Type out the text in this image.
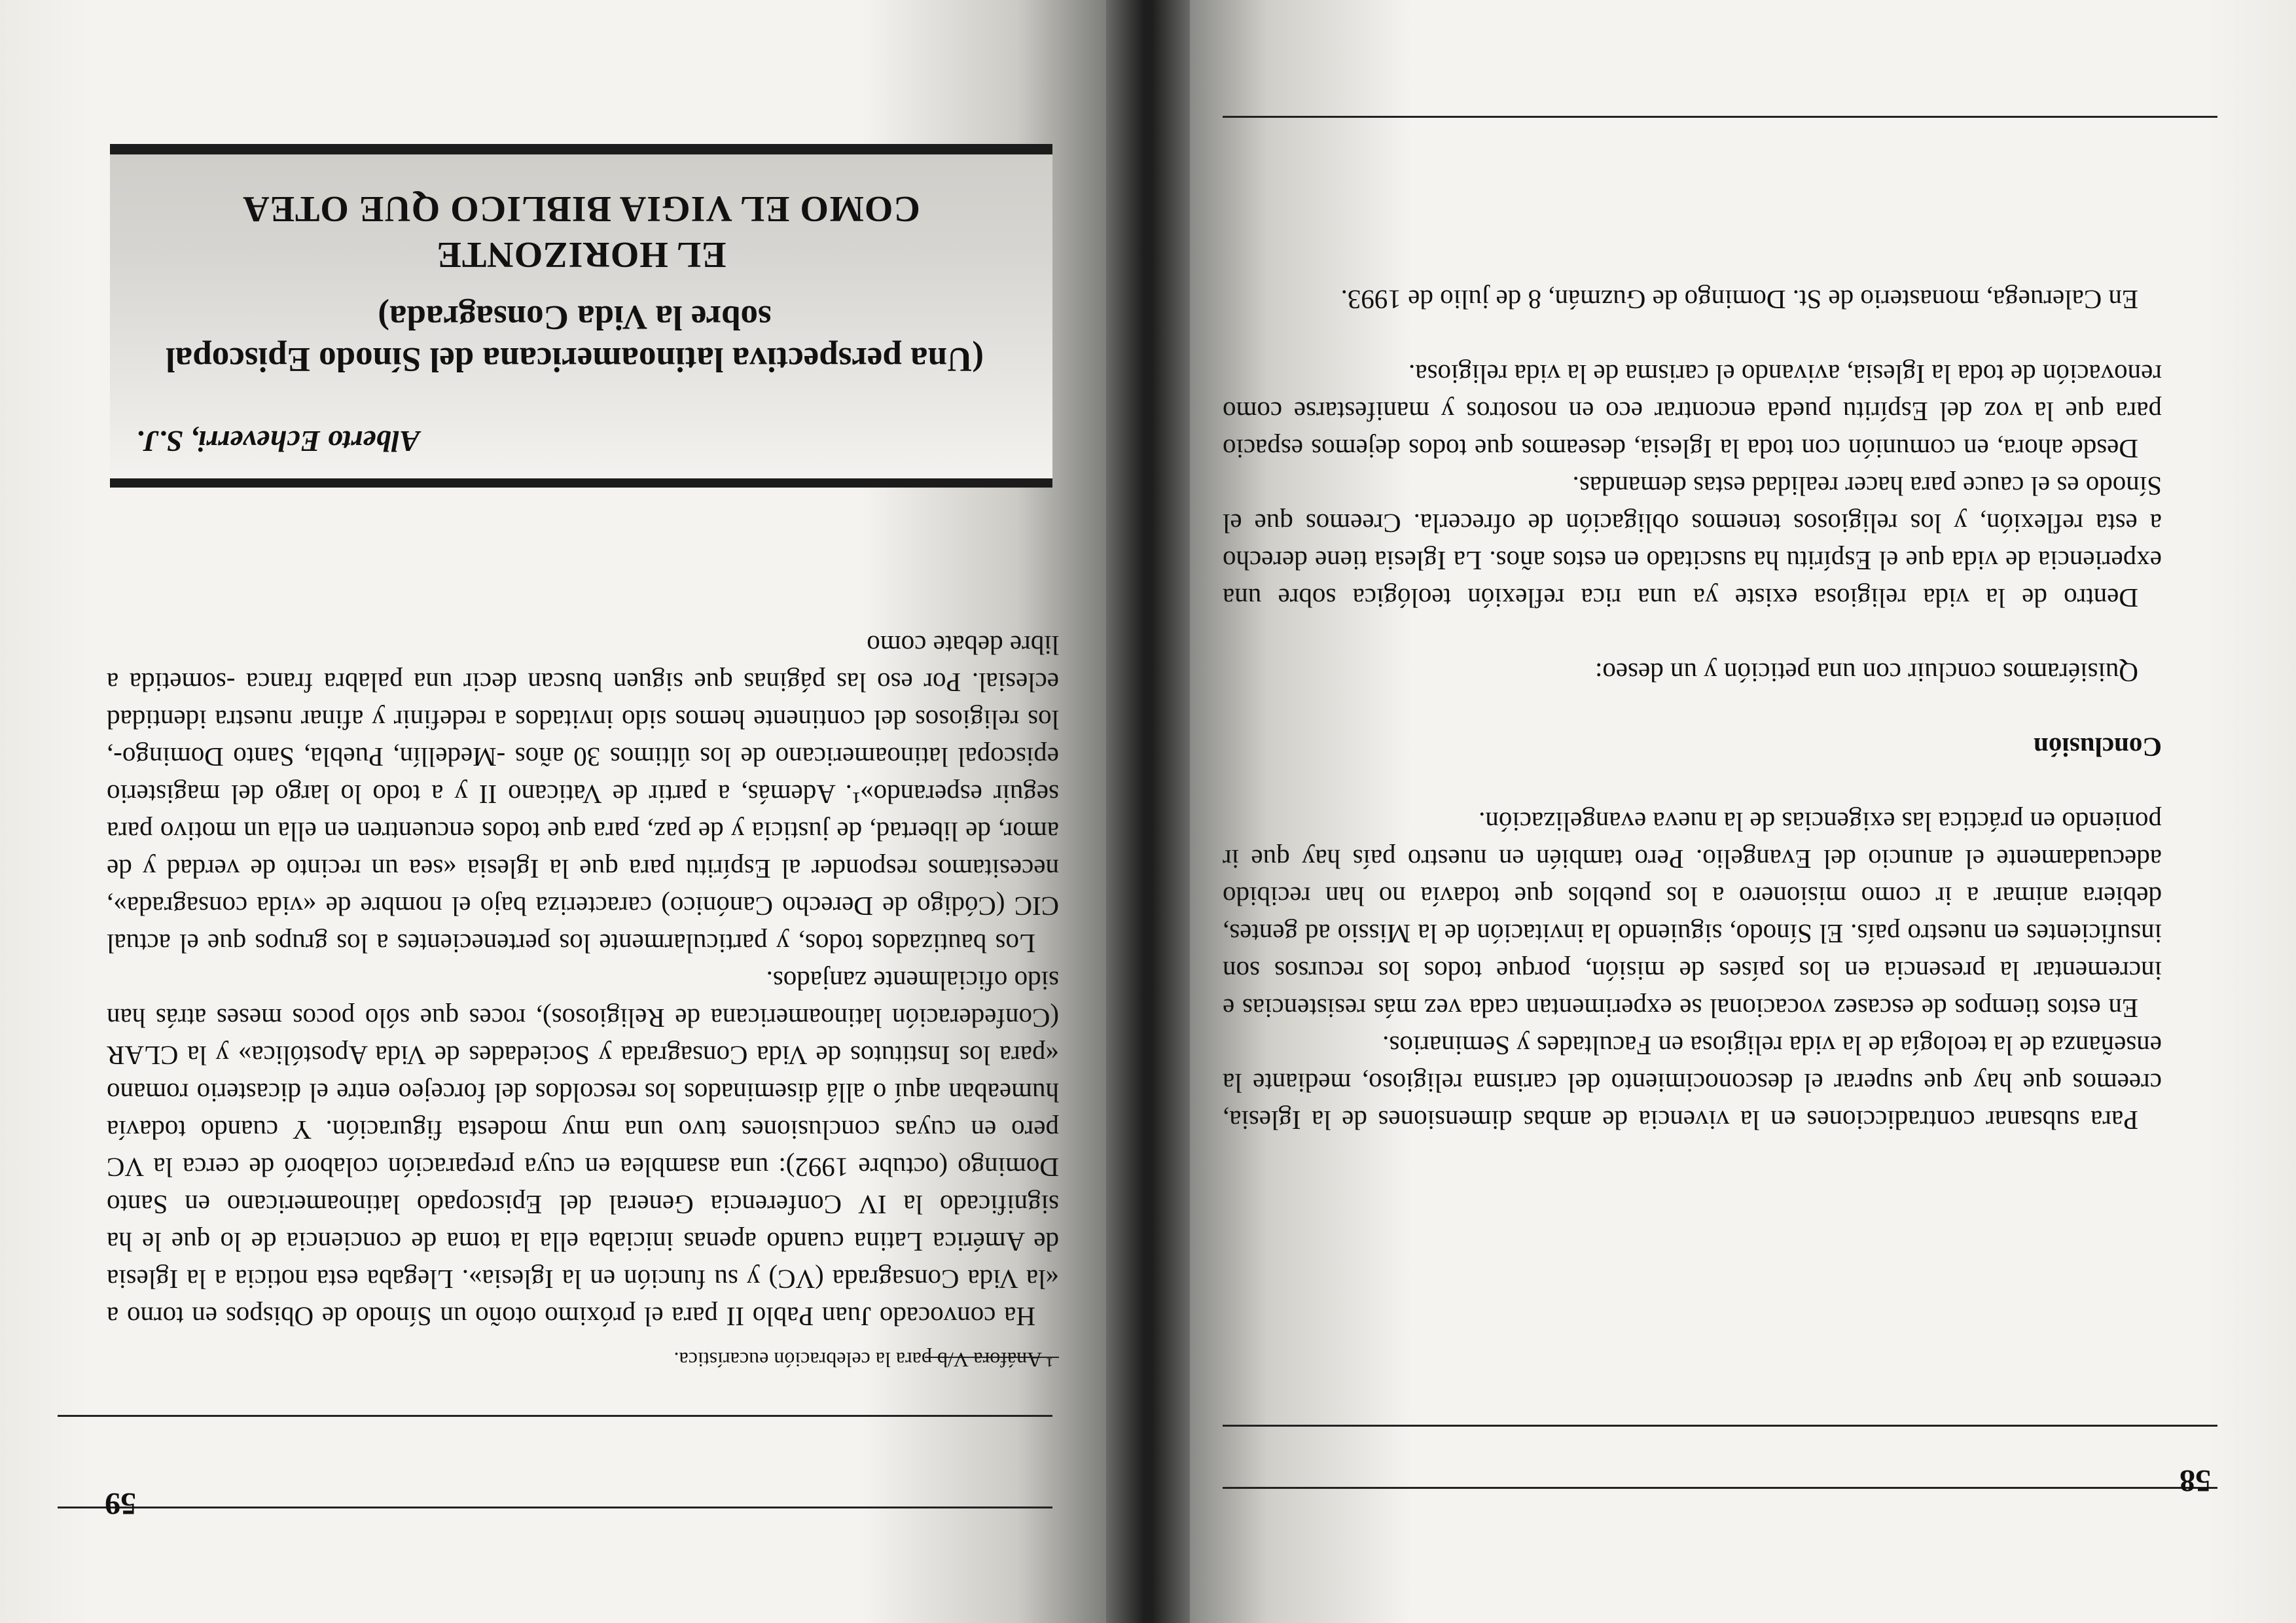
58

Para subsanar contradicciones en la vivencia de ambas dimensiones de la Iglesia, creemos que hay que superar el desconocimiento del carisma religioso, mediante la enseñanza de la teología de la vida religiosa en Facultades y Seminarios.

En estos tiempos de escasez vocacional se experimentan cada vez más resistencias e incrementar la presencia en los países de misión, porque todos los recursos son insuficientes en nuestro país. El Sínodo, siguiendo la invitación de la Missio ad gentes, debiera animar a ir como misionero a los pueblos que todavía no han recibido adecuadamente el anuncio del Evangelio. Pero también en nuestro país hay que ir poniendo en práctica las exigencias de la nueva evangelización.

Conclusión

Quisiéramos concluir con una petición y un deseo:

Dentro de la vida religiosa existe ya una rica reflexión teológica sobre una experiencia de vida que el Espíritu ha suscitado en estos años. La Iglesia tiene derecho a esta reflexión, y los religiosos tenemos obligación de ofrecerla. Creemos que el Sínodo es el cauce para hacer realidad estas demandas.

Desde ahora, en comunión con toda la Iglesia, deseamos que todos dejemos espacio para que la voz del Espíritu pueda encontrar eco en nosotros y manifestarse como renovación de toda la Iglesia, avivando el carisma de la vida religiosa.

En Caleruega, monasterio de St. Domingo de Guzmán, 8 de julio de 1993.

59
COMO EL VIGIA BIBLICO QUE OTEA
EL HORIZONTE
(Una perspectiva latinoamericana del Sínodo Episcopal sobre la Vida Consagrada)
Alberto Echeverri, S.J.

Ha convocado Juan Pablo II para el próximo otoño un Sínodo de Obispos en torno a «la Vida Consagrada (VC) y su función en la Iglesia». Llegaba esta noticia a la Iglesia de América Latina cuando apenas iniciaba ella la toma de conciencia de lo que le ha significado la IV Conferencia General del Episcopado latinoamericano en Santo Domingo (octubre 1992): una asamblea en cuya preparación colaboró de cerca la VC pero en cuyas conclusiones tuvo una muy modesta figuración. Y cuando todavía humeaban aquí o allá diseminados los rescoldos del forcejeo entre el dicasterio romano «para los Institutos de Vida Consagrada y Sociedades de Vida Apostólica» y la CLAR (Confederación latinoamericana de Religiosos), roces que sólo pocos meses atrás han sido oficialmente zanjados.

Los bautizados todos, y particularmente los pertenecientes a los grupos que el actual CIC (Código de Derecho Canónico) caracteriza bajo el nombre de «vida consagrada», necesitamos responder al Espíritu para que la Iglesia «sea un recinto de verdad y de amor, de libertad, de justicia y de paz, para que todos encuentren en ella un motivo para seguir esperando»¹. Además, a partir de Vaticano II y a todo lo largo del magisterio episcopal latinoamericano de los últimos 30 años -Medellín, Puebla, Santo Domingo-, los religiosos del continente hemos sido invitados a redefinir y afinar nuestra identidad eclesial. Por eso las páginas que siguen buscan decir una palabra franca -sometida a libre debate como

¹ Anáfora V/b para la celebración eucarística.
